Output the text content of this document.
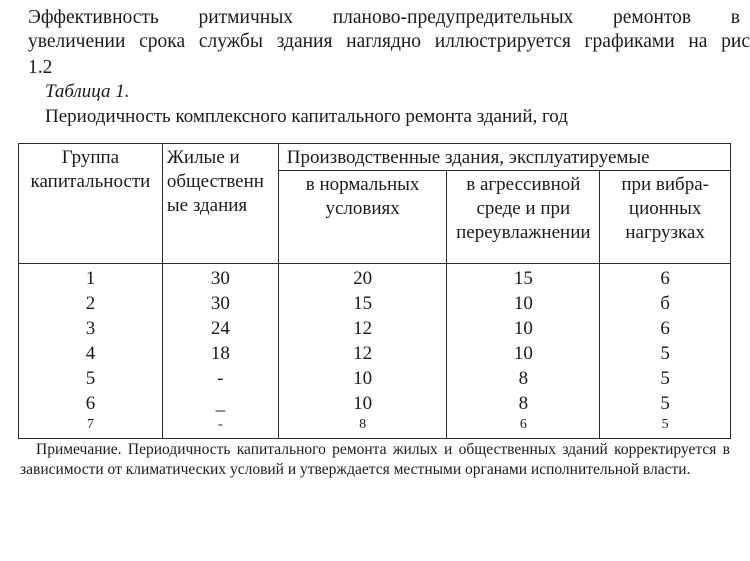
Эффективность ритмичных планово-предупредительных ремонтов в
увеличении срока службы здания наглядно иллюстрируется графиками на рис
1.2
Таблица 1.
Периодичность комплексного капитального ремонта зданий, год
Группа капитальности	Жилые и общественн ые здания	Производственные здания, эксплуатируемые		
		в нормальных условиях	в агрессивной среде и при переувлажнении	при вибра- ционных нагрузках
1	30	20	15	6
2	30	15	10	б
3	24	12	10	6
4	18	12	10	5
5	-	10	8	5
6	_	10	8	5
7	-	8	6	5
Примечание. Периодичность капитального ремонта жилых и общественных зданий корректируется в зависимости от климатических условий и утверждается местными органами исполнительной власти.
